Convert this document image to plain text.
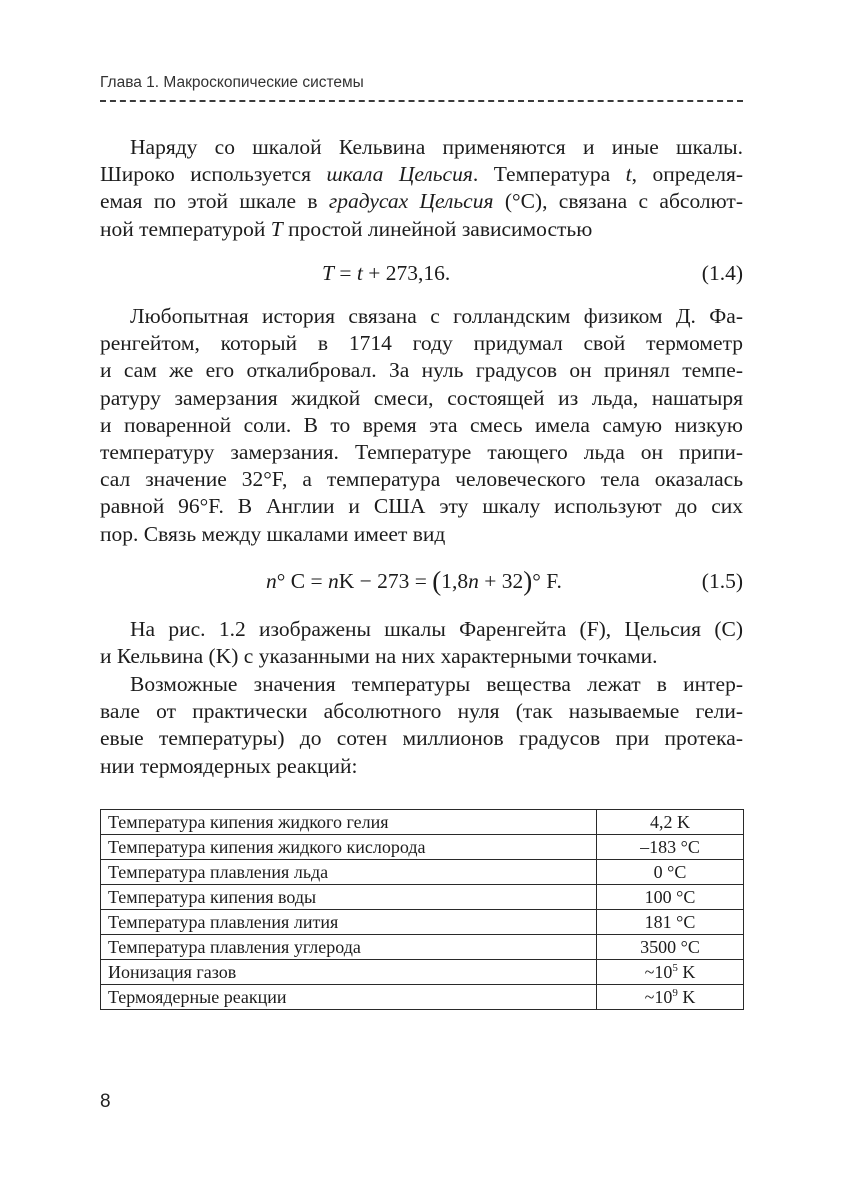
Глава 1. Макроскопические системы
Наряду со шкалой Кельвина применяются и иные шкалы.
Широко используется шкала Цельсия. Температура t, определя-
емая по этой шкале в градусах Цельсия (°C), связана с абсолют-
ной температурой T простой линейной зависимостью
T = t + 273,16.	(1.4)
Любопытная история связана с голландским физиком Д. Фа-
ренгейтом, который в 1714 году придумал свой термометр
и сам же его откалибровал. За нуль градусов он принял темпе-
ратуру замерзания жидкой смеси, состоящей из льда, нашатыря
и поваренной соли. В то время эта смесь имела самую низкую
температуру замерзания. Температуре тающего льда он припи-
сал значение 32°F, а температура человеческого тела оказалась
равной 96°F. В Англии и США эту шкалу используют до сих
пор. Связь между шкалами имеет вид
n° C = nK − 273 = (1,8n + 32)° F.	(1.5)
На рис. 1.2 изображены шкалы Фаренгейта (F), Цельсия (C)
и Кельвина (K) с указанными на них характерными точками.
Возможные значения температуры вещества лежат в интер-
вале от практически абсолютного нуля (так называемые гели-
евые температуры) до сотен миллионов градусов при протека-
нии термоядерных реакций:
Температура кипения жидкого гелия	4,2 K
Температура кипения жидкого кислорода	–183 °C
Температура плавления льда	0 °C
Температура кипения воды	100 °C
Температура плавления лития	181 °C
Температура плавления углерода	3500 °C
Ионизация газов	$\sim 10^5$ K
Термоядерные реакции	$\sim 10^9$ K
8
